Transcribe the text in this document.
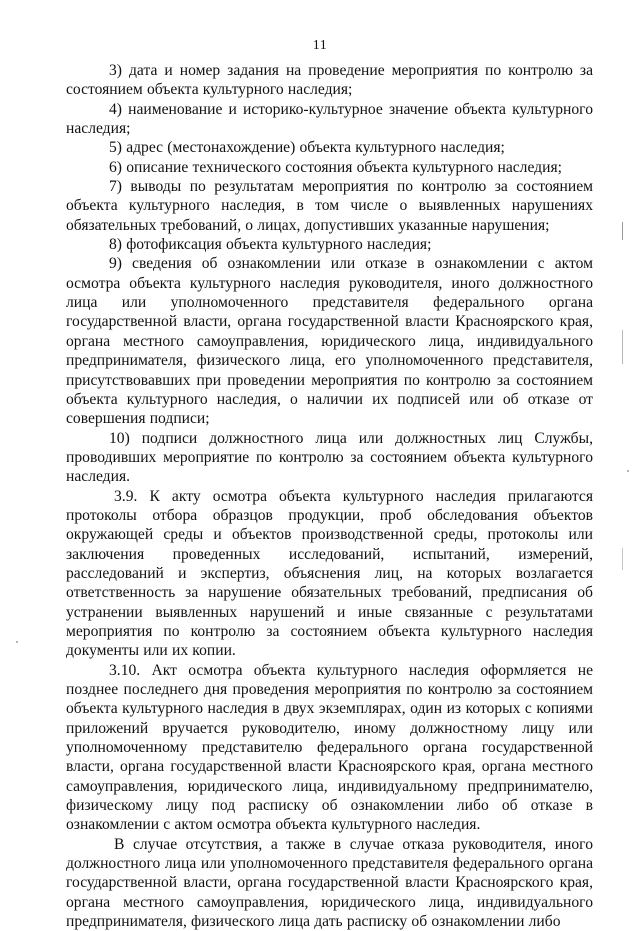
11

3) дата и номер задания на проведение мероприятия по контролю за состоянием объекта культурного наследия;

4) наименование и историко-культурное значение объекта культурного наследия;

5) адрес (местонахождение) объекта культурного наследия;

6) описание технического состояния объекта культурного наследия;

7) выводы по результатам мероприятия по контролю за состоянием объекта культурного наследия, в том числе о выявленных нарушениях обязательных требований, о лицах, допустивших указанные нарушения;

8) фотофиксация объекта культурного наследия;

9) сведения об ознакомлении или отказе в ознакомлении с актом осмотра объекта культурного наследия руководителя, иного должностного лица или уполномоченного представителя федерального органа государственной власти, органа государственной власти Красноярского края, органа местного самоуправления, юридического лица, индивидуального предпринимателя, физического лица, его уполномоченного представителя, присутствовавших при проведении мероприятия по контролю за состоянием объекта культурного наследия, о наличии их подписей или об отказе от совершения подписи;

10) подписи должностного лица или должностных лиц Службы, проводивших мероприятие по контролю за состоянием объекта культурного наследия.

3.9. К акту осмотра объекта культурного наследия прилагаются протоколы отбора образцов продукции, проб обследования объектов окружающей среды и объектов производственной среды, протоколы или заключения проведенных исследований, испытаний, измерений, расследований и экспертиз, объяснения лиц, на которых возлагается ответственность за нарушение обязательных требований, предписания об устранении выявленных нарушений и иные связанные с результатами мероприятия по контролю за состоянием объекта культурного наследия документы или их копии.

3.10. Акт осмотра объекта культурного наследия оформляется не позднее последнего дня проведения мероприятия по контролю за состоянием объекта культурного наследия в двух экземплярах, один из которых с копиями приложений вручается руководителю, иному должностному лицу или уполномоченному представителю федерального органа государственной власти, органа государственной власти Красноярского края, органа местного самоуправления, юридического лица, индивидуальному предпринимателю, физическому лицу под расписку об ознакомлении либо об отказе в ознакомлении с актом осмотра объекта культурного наследия.

В случае отсутствия, а также в случае отказа руководителя, иного должностного лица или уполномоченного представителя федерального органа государственной власти, органа государственной власти Красноярского края, органа местного самоуправления, юридического лица, индивидуального предпринимателя, физического лица дать расписку об ознакомлении либо
